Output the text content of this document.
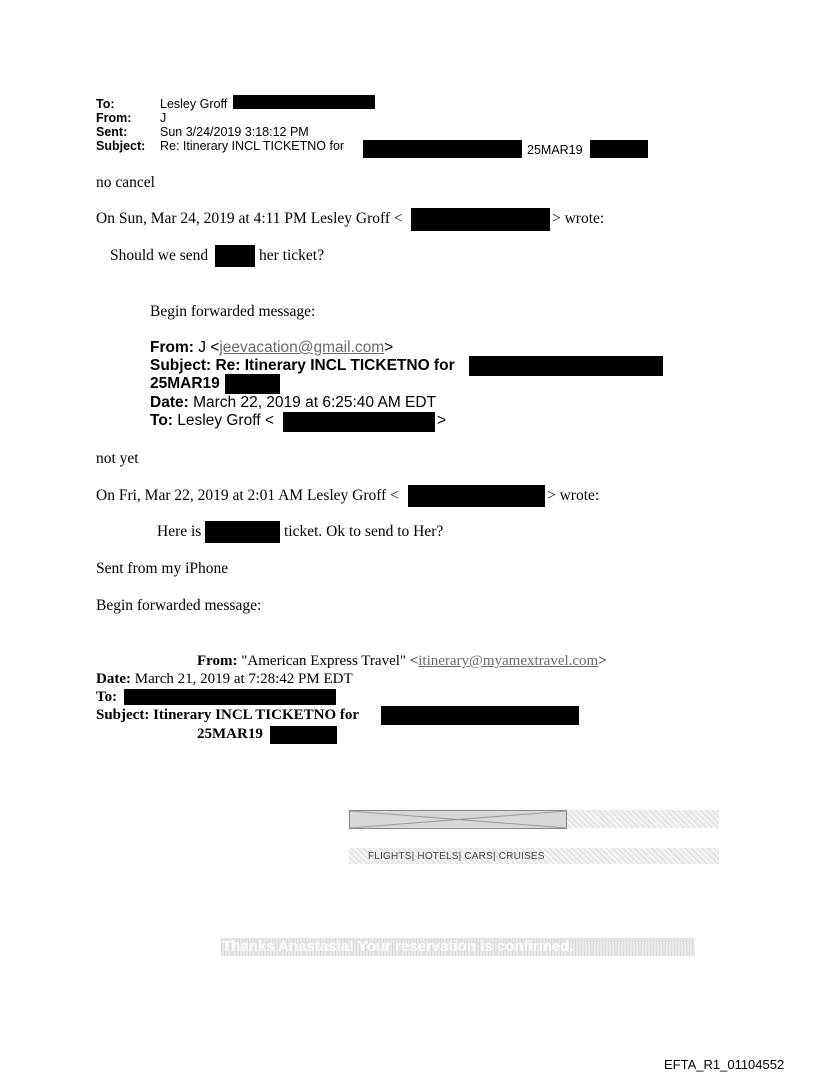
To:	Lesley Groff
From: J
Sent:	Sun 3/24/2019 3:18:12 PM
Subject: Re: Itinerary INCL TICKETNO for	25MAR19
no cancel
On Sun, Mar 24, 2019 at 4:11 PM Lesley Groff <	> wrote:
Should we send	her ticket?
Begin forwarded message:
From: J <jeevacation@gmail.com>
Subject: Re: Itinerary INCL TICKETNO for
25MAR19
Date: March 22, 2019 at 6:25:40 AM EDT
To: Lesley Groff <	>
not yet
On Fri, Mar 22, 2019 at 2:01 AM Lesley Groff <	> wrote:
Here is	ticket. Ok to send to Her?
Sent from my iPhone
Begin forwarded message:
From: "American Express Travel" <itinerary@myamextravel.com>
Date: March 21, 2019 at 7:28:42 PM EDT
To:
Subject: Itinerary INCL TICKETNO for
25MAR19
FLIGHTS| HOTELS| CARS| CRUISES
Thanks Anastasia! Your reservation is confirmed.
EFTA_R1_01104552
